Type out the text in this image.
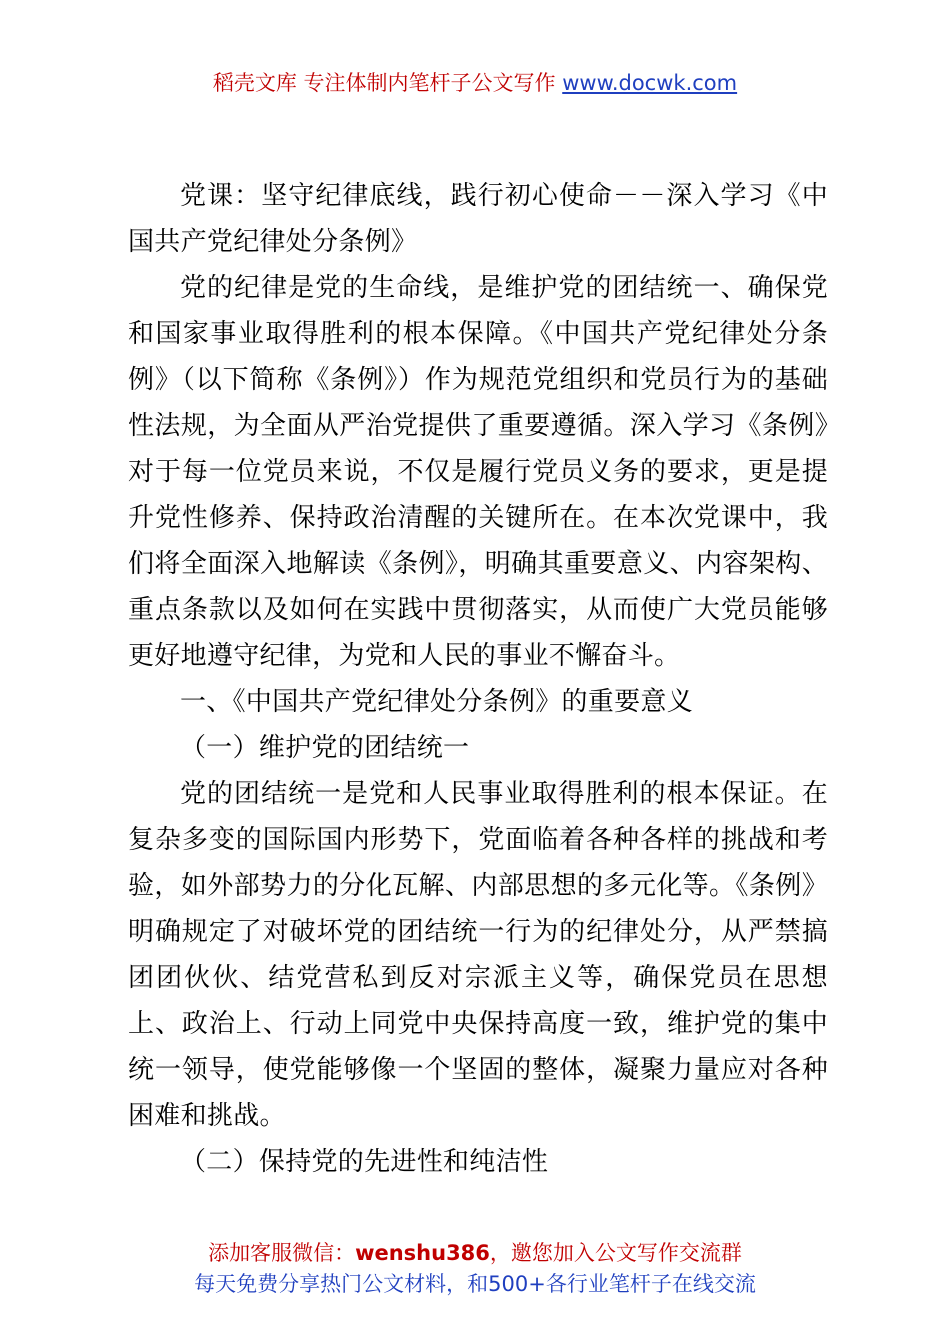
稻壳文库 专注体制内笔杆子公文写作 www.docwk.com

党课：坚守纪律底线，践行初心使命－－深入学习《中国共产党纪律处分条例》

党的纪律是党的生命线，是维护党的团结统一、确保党和国家事业取得胜利的根本保障。《中国共产党纪律处分条例》（以下简称《条例》）作为规范党组织和党员行为的基础性法规，为全面从严治党提供了重要遵循。深入学习《条例》对于每一位党员来说，不仅是履行党员义务的要求，更是提升党性修养、保持政治清醒的关键所在。在本次党课中，我们将全面深入地解读《条例》，明确其重要意义、内容架构、重点条款以及如何在实践中贯彻落实，从而使广大党员能够更好地遵守纪律，为党和人民的事业不懈奋斗。

一、《中国共产党纪律处分条例》的重要意义

（一）维护党的团结统一

党的团结统一是党和人民事业取得胜利的根本保证。在复杂多变的国际国内形势下，党面临着各种各样的挑战和考验，如外部势力的分化瓦解、内部思想的多元化等。《条例》明确规定了对破坏党的团结统一行为的纪律处分，从严禁搞团团伙伙、结党营私到反对宗派主义等，确保党员在思想上、政治上、行动上同党中央保持高度一致，维护党的集中统一领导，使党能够像一个坚固的整体，凝聚力量应对各种困难和挑战。

（二）保持党的先进性和纯洁性

添加客服微信：wenshu386，邀您加入公文写作交流群
每天免费分享热门公文材料，和500+各行业笔杆子在线交流
